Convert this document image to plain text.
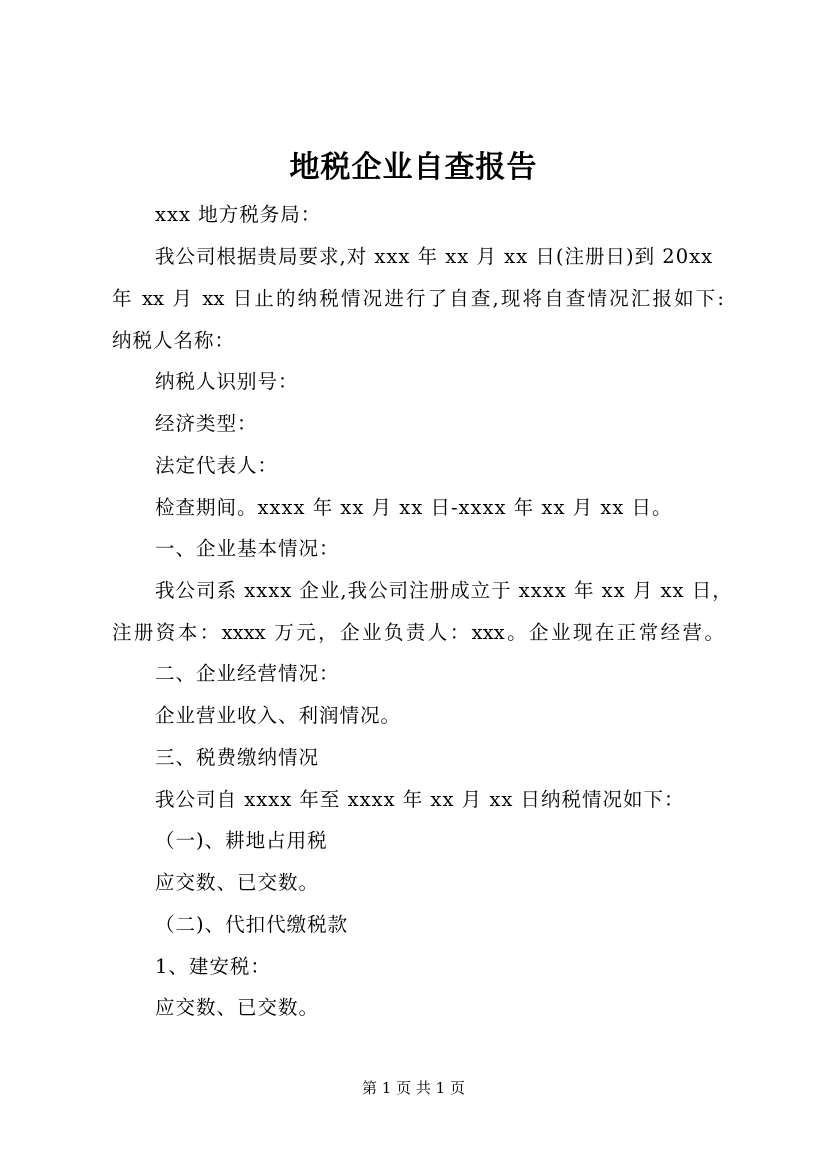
地税企业自查报告
xxx 地方税务局：
我公司根据贵局要求,对 xxx 年 xx 月 xx 日(注册日)到 20xx
年 xx 月 xx 日止的纳税情况进行了自查,现将自查情况汇报如下:
纳税人名称：
纳税人识别号：
经济类型：
法定代表人：
检查期间。xxxx 年 xx 月 xx 日-xxxx 年 xx 月 xx 日。
一、企业基本情况：
我公司系 xxxx 企业,我公司注册成立于 xxxx 年 xx 月 xx 日，
注册资本：xxxx 万元，企业负责人：xxx。企业现在正常经营。
二、企业经营情况：
企业营业收入、利润情况。
三、税费缴纳情况
我公司自 xxxx 年至 xxxx 年 xx 月 xx 日纳税情况如下：
（一)、耕地占用税
应交数、已交数。
（二)、代扣代缴税款
1、建安税：
应交数、已交数。
第 1 页 共 1 页
